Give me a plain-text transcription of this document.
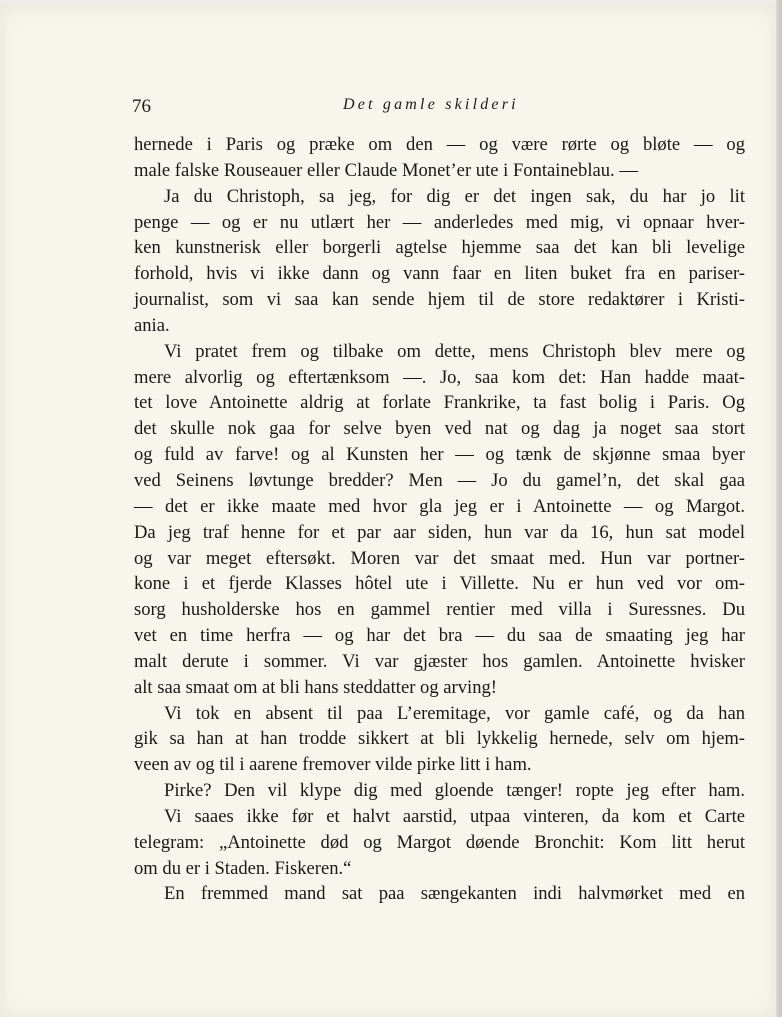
76	Det gamle skilderi
hernede i Paris og præke om den — og være rørte og bløte — og
male falske Rouseauer eller Claude Monet’er ute i Fontaineblau. —
Ja du Christoph, sa jeg, for dig er det ingen sak, du har jo lit
penge — og er nu utlært her — anderledes med mig, vi opnaar hver-
ken kunstnerisk eller borgerli agtelse hjemme saa det kan bli levelige
forhold, hvis vi ikke dann og vann faar en liten buket fra en pariser-
journalist, som vi saa kan sende hjem til de store redaktører i Kristi-
ania.
Vi pratet frem og tilbake om dette, mens Christoph blev mere og
mere alvorlig og eftertænksom —. Jo, saa kom det: Han hadde maat-
tet love Antoinette aldrig at forlate Frankrike, ta fast bolig i Paris. Og
det skulle nok gaa for selve byen ved nat og dag ja noget saa stort
og fuld av farve! og al Kunsten her — og tænk de skjønne smaa byer
ved Seinens løvtunge bredder? Men — Jo du gamel’n, det skal gaa
— det er ikke maate med hvor gla jeg er i Antoinette — og Margot.
Da jeg traf henne for et par aar siden, hun var da 16, hun sat model
og var meget eftersøkt. Moren var det smaat med. Hun var portner-
kone i et fjerde Klasses hôtel ute i Villette. Nu er hun ved vor om-
sorg husholderske hos en gammel rentier med villa i Suressnes. Du
vet en time herfra — og har det bra — du saa de smaating jeg har
malt derute i sommer. Vi var gjæster hos gamlen. Antoinette hvisker
alt saa smaat om at bli hans steddatter og arving!
Vi tok en absent til paa L’eremitage, vor gamle café, og da han
gik sa han at han trodde sikkert at bli lykkelig hernede, selv om hjem-
veen av og til i aarene fremover vilde pirke litt i ham.
Pirke? Den vil klype dig med gloende tænger! ropte jeg efter ham.
Vi saaes ikke før et halvt aarstid, utpaa vinteren, da kom et Carte
telegram: „Antoinette død og Margot døende Bronchit: Kom litt herut
om du er i Staden. Fiskeren.“
En fremmed mand sat paa sængekanten indi halvmørket med en
